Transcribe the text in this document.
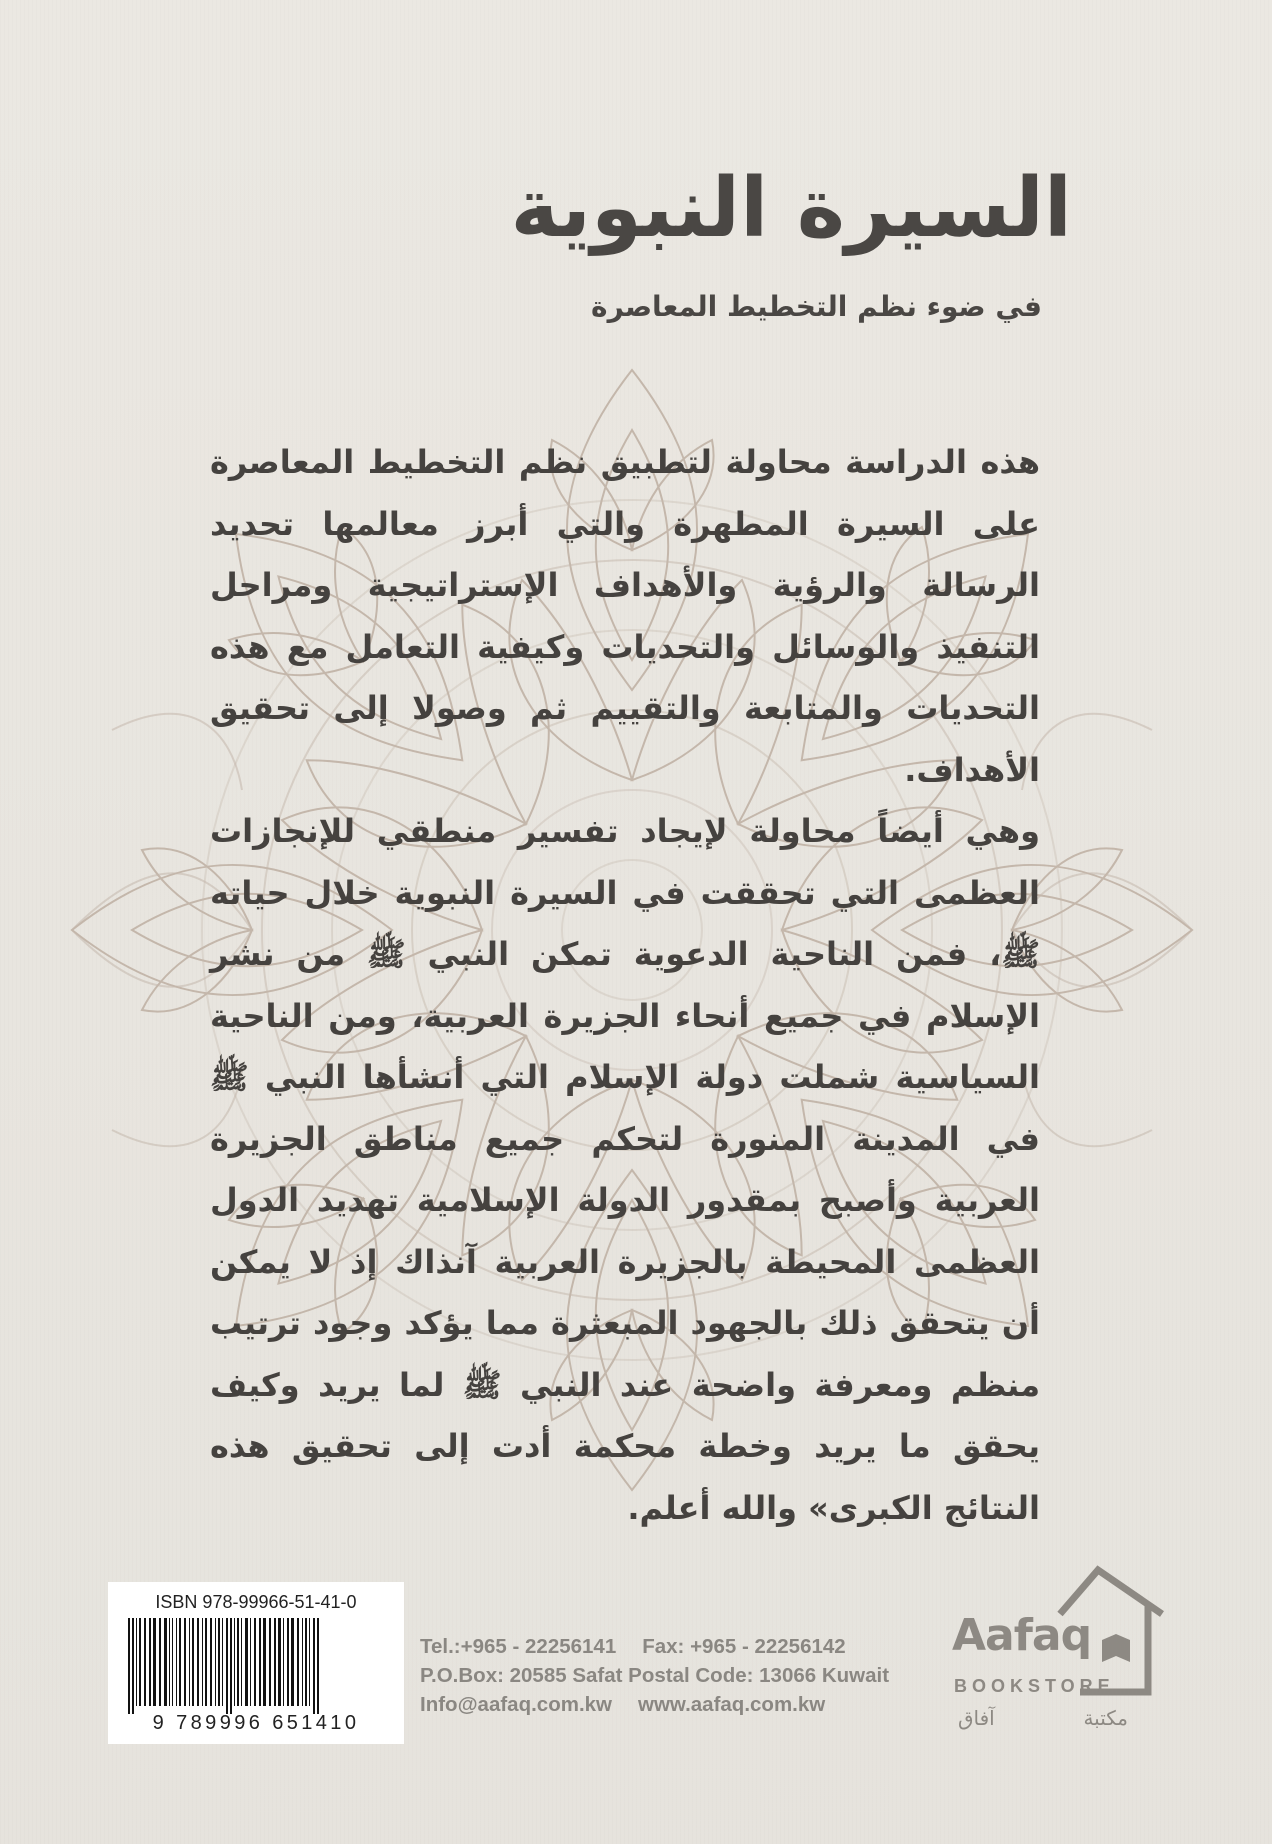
السيرة النبوية
في ضوء نظم التخطيط المعاصرة

هذه الدراسة محاولة لتطبيق نظم التخطيط المعاصرة على السيرة المطهرة والتي أبرز معالمها تحديد الرسالة والرؤية والأهداف الإستراتيجية ومراحل التنفيذ والوسائل والتحديات وكيفية التعامل مع هذه التحديات والمتابعة والتقييم ثم وصولا إلى تحقيق الأهداف.

وهي أيضاً محاولة لإيجاد تفسير منطقي للإنجازات العظمى التي تحققت في السيرة النبوية خلال حياته ﷺ، فمن الناحية الدعوية تمكن النبي ﷺ من نشر الإسلام في جميع أنحاء الجزيرة العربية، ومن الناحية السياسية شملت دولة الإسلام التي أنشأها النبي ﷺ في المدينة المنورة لتحكم جميع مناطق الجزيرة العربية وأصبح بمقدور الدولة الإسلامية تهديد الدول العظمى المحيطة بالجزيرة العربية آنذاك إذ لا يمكن أن يتحقق ذلك بالجهود المبعثرة مما يؤكد وجود ترتيب منظم ومعرفة واضحة عند النبي ﷺ لما يريد وكيف يحقق ما يريد وخطة محكمة أدت إلى تحقيق هذه النتائج الكبرى» والله أعلم.

ISBN 978-99966-51-41-0
9 789996 651410
Tel.:+965 - 22256141 Fax: +965 - 22256142
P.O.Box: 20585 Safat Postal Code: 13066 Kuwait
Info@aafaq.com.kw www.aafaq.com.kw
Aafaq
BOOKSTORE
مكتبة آفاق
